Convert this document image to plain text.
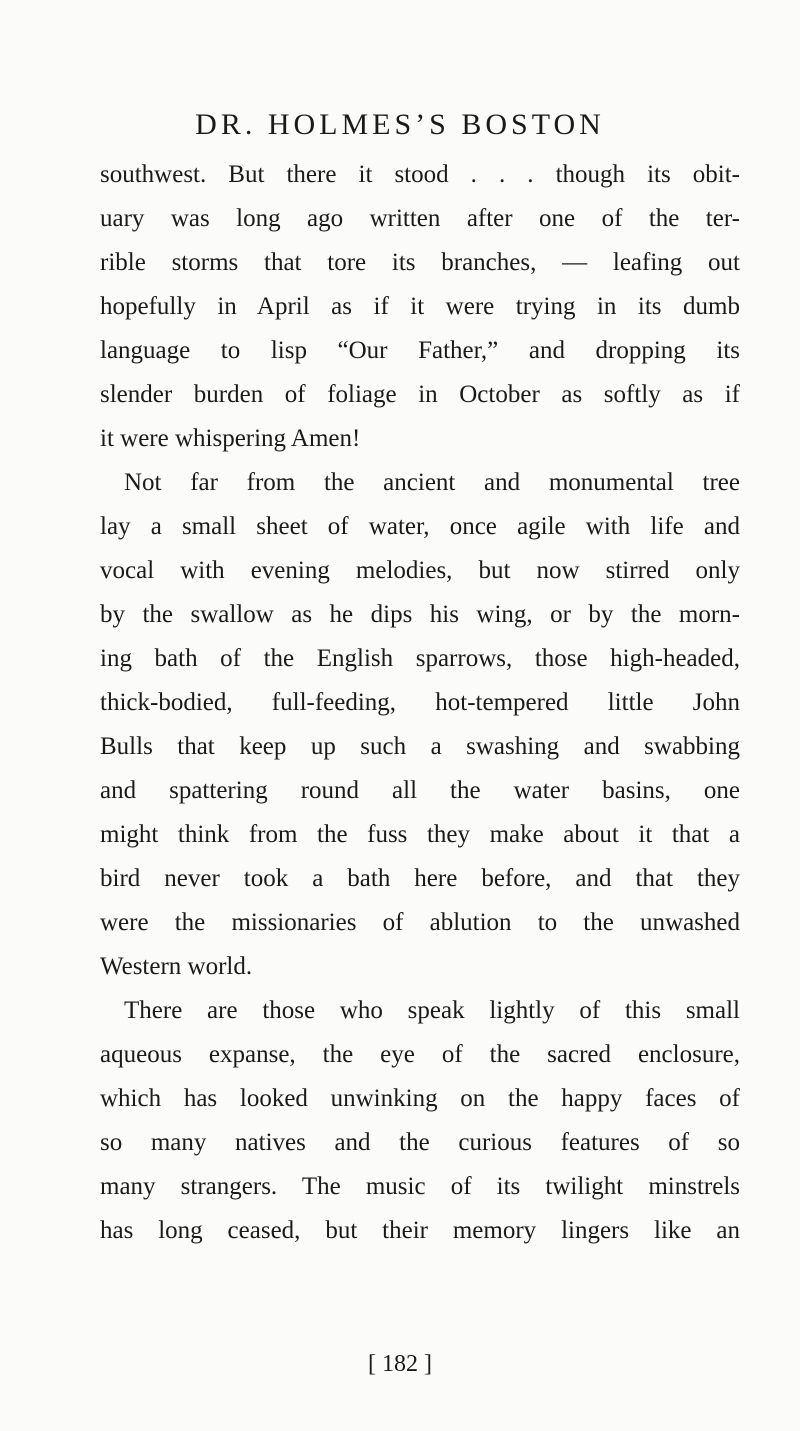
DR. HOLMES’S BOSTON
southwest. But there it stood . . . though its obit-
uary was long ago written after one of the ter-
rible storms that tore its branches, — leafing out
hopefully in April as if it were trying in its dumb
language to lisp “Our Father,” and dropping its
slender burden of foliage in October as softly as if
it were whispering Amen!
Not far from the ancient and monumental tree
lay a small sheet of water, once agile with life and
vocal with evening melodies, but now stirred only
by the swallow as he dips his wing, or by the morn-
ing bath of the English sparrows, those high-headed,
thick-bodied, full-feeding, hot-tempered little John
Bulls that keep up such a swashing and swabbing
and spattering round all the water basins, one
might think from the fuss they make about it that a
bird never took a bath here before, and that they
were the missionaries of ablution to the unwashed
Western world.
There are those who speak lightly of this small
aqueous expanse, the eye of the sacred enclosure,
which has looked unwinking on the happy faces of
so many natives and the curious features of so
many strangers. The music of its twilight minstrels
has long ceased, but their memory lingers like an
[ 182 ]
